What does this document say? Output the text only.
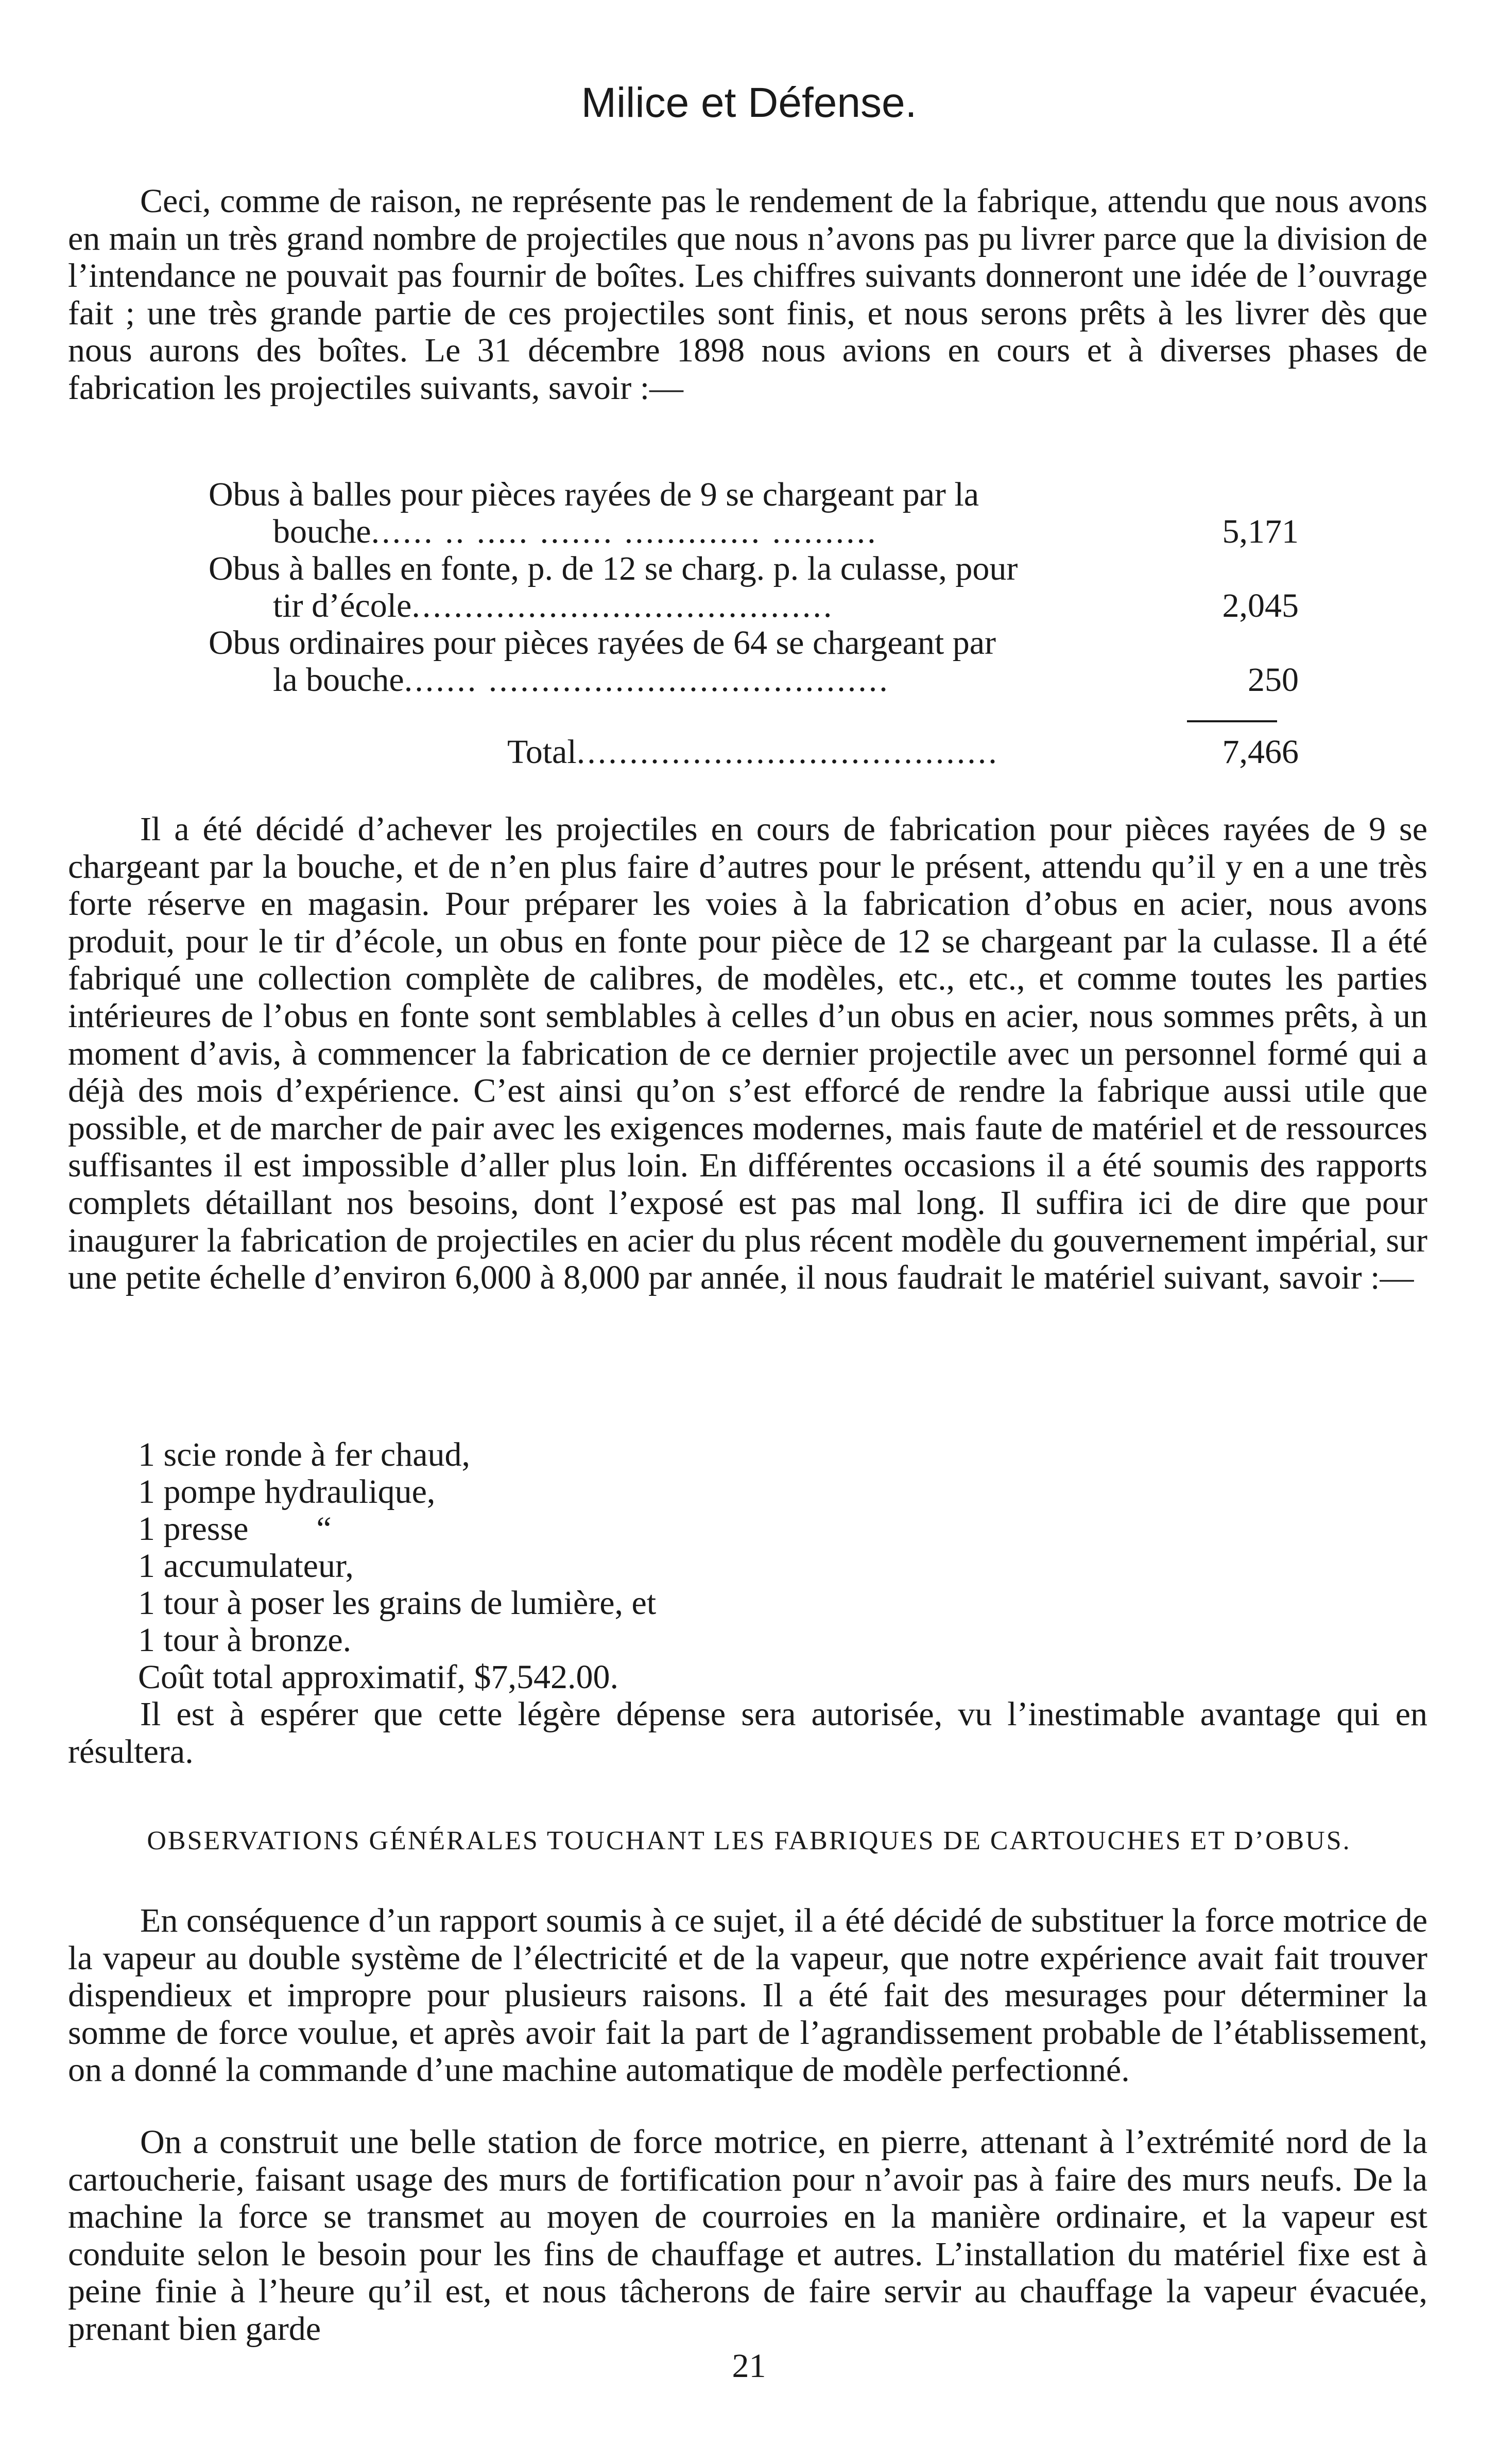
Milice et Défense.
Ceci, comme de raison, ne représente pas le rendement de la fabrique, attendu que nous avons en main un très grand nombre de projectiles que nous n’avons pas pu livrer parce que la division de l’intendance ne pouvait pas fournir de boîtes. Les chiffres suivants donneront une idée de l’ouvrage fait ; une très grande partie de ces projectiles sont finis, et nous serons prêts à les livrer dès que nous aurons des boîtes. Le 31 décembre 1898 nous avions en cours et à diverses phases de fabrication les projectiles suivants, savoir :—
Obus à balles pour pièces rayées de 9 se chargeant par la
bouche...... .. ..... ....... ............. ..........	5,171
Obus à balles en fonte, p. de 12 se charg. p. la culasse, pour
tir d’école........................................	2,045
Obus ordinaires pour pièces rayées de 64 se chargeant par
la bouche....... ......................................	250
Total........................................	7,466
Il a été décidé d’achever les projectiles en cours de fabrication pour pièces rayées de 9 se chargeant par la bouche, et de n’en plus faire d’autres pour le présent, attendu qu’il y en a une très forte réserve en magasin. Pour préparer les voies à la fabrication d’obus en acier, nous avons produit, pour le tir d’école, un obus en fonte pour pièce de 12 se chargeant par la culasse. Il a été fabriqué une collection complète de calibres, de modèles, etc., etc., et comme toutes les parties intérieures de l’obus en fonte sont semblables à celles d’un obus en acier, nous sommes prêts, à un moment d’avis, à commencer la fabrication de ce dernier projectile avec un personnel formé qui a déjà des mois d’expérience. C’est ainsi qu’on s’est efforcé de rendre la fabrique aussi utile que possible, et de marcher de pair avec les exigences modernes, mais faute de matériel et de ressources suffisantes il est impossible d’aller plus loin. En différentes occasions il a été soumis des rapports complets détaillant nos besoins, dont l’exposé est pas mal long. Il suffira ici de dire que pour inaugurer la fabrication de projectiles en acier du plus récent modèle du gouvernement impérial, sur une petite échelle d’environ 6,000 à 8,000 par année, il nous faudrait le matériel suivant, savoir :—
1 scie ronde à fer chaud,
1 pompe hydraulique,
1 presse        “
1 accumulateur,
1 tour à poser les grains de lumière, et
1 tour à bronze.
Coût total approximatif, $7,542.00.
Il est à espérer que cette légère dépense sera autorisée, vu l’inestimable avantage qui en résultera.
OBSERVATIONS GÉNÉRALES TOUCHANT LES FABRIQUES DE CARTOUCHES ET D’OBUS.
En conséquence d’un rapport soumis à ce sujet, il a été décidé de substituer la force motrice de la vapeur au double système de l’électricité et de la vapeur, que notre expérience avait fait trouver dispendieux et impropre pour plusieurs raisons. Il a été fait des mesurages pour déterminer la somme de force voulue, et après avoir fait la part de l’agrandissement probable de l’établissement, on a donné la commande d’une machine automatique de modèle perfectionné.
On a construit une belle station de force motrice, en pierre, attenant à l’extrémité nord de la cartoucherie, faisant usage des murs de fortification pour n’avoir pas à faire des murs neufs. De la machine la force se transmet au moyen de courroies en la manière ordinaire, et la vapeur est conduite selon le besoin pour les fins de chauffage et autres. L’installation du matériel fixe est à peine finie à l’heure qu’il est, et nous tâcherons de faire servir au chauffage la vapeur évacuée, prenant bien garde
21
